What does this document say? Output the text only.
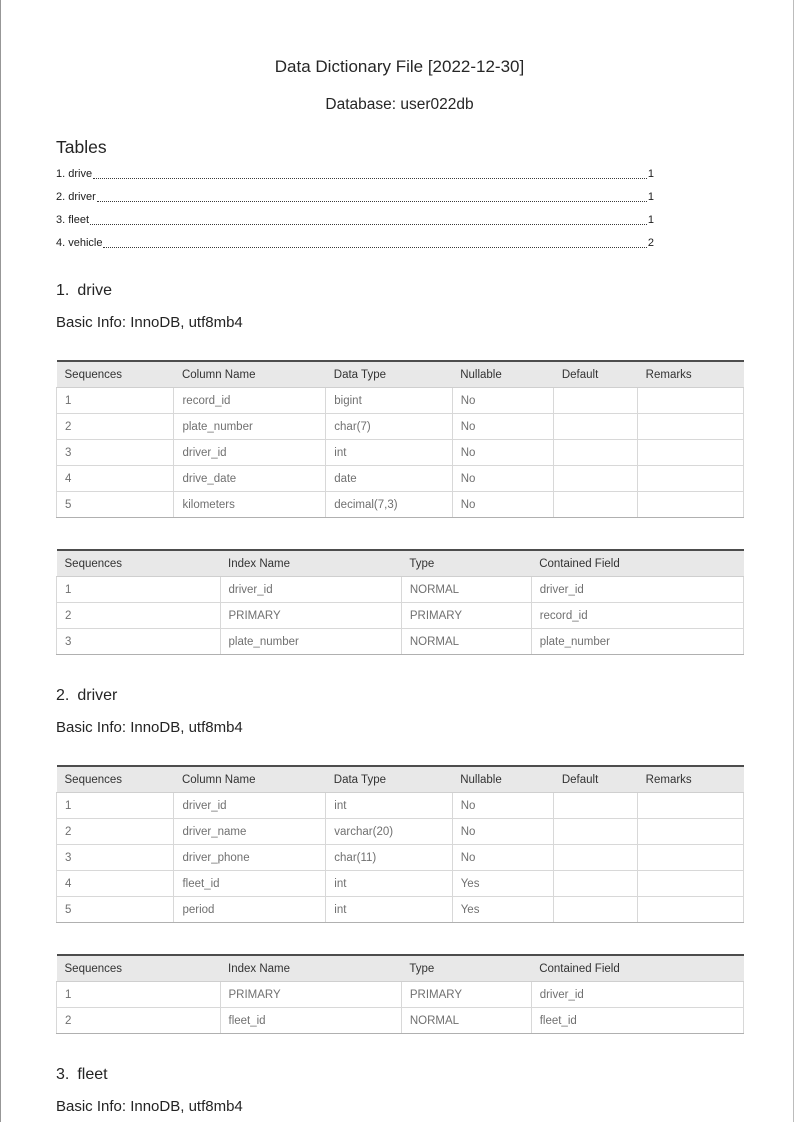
Data Dictionary File [2022-12-30]
Database: user022db
Tables
1. drive	1
2. driver	1
3. fleet	1
4. vehicle	2
1. drive
Basic Info: InnoDB, utf8mb4
Sequences	Column Name	Data Type	Nullable	Default	Remarks
1	record_id	bigint	No		
2	plate_number	char(7)	No		
3	driver_id	int	No		
4	drive_date	date	No		
5	kilometers	decimal(7,3)	No		
Sequences	Index Name	Type	Contained Field
1	driver_id	NORMAL	driver_id
2	PRIMARY	PRIMARY	record_id
3	plate_number	NORMAL	plate_number
2. driver
Basic Info: InnoDB, utf8mb4
Sequences	Column Name	Data Type	Nullable	Default	Remarks
1	driver_id	int	No		
2	driver_name	varchar(20)	No		
3	driver_phone	char(11)	No		
4	fleet_id	int	Yes		
5	period	int	Yes		
Sequences	Index Name	Type	Contained Field
1	PRIMARY	PRIMARY	driver_id
2	fleet_id	NORMAL	fleet_id
3. fleet
Basic Info: InnoDB, utf8mb4
